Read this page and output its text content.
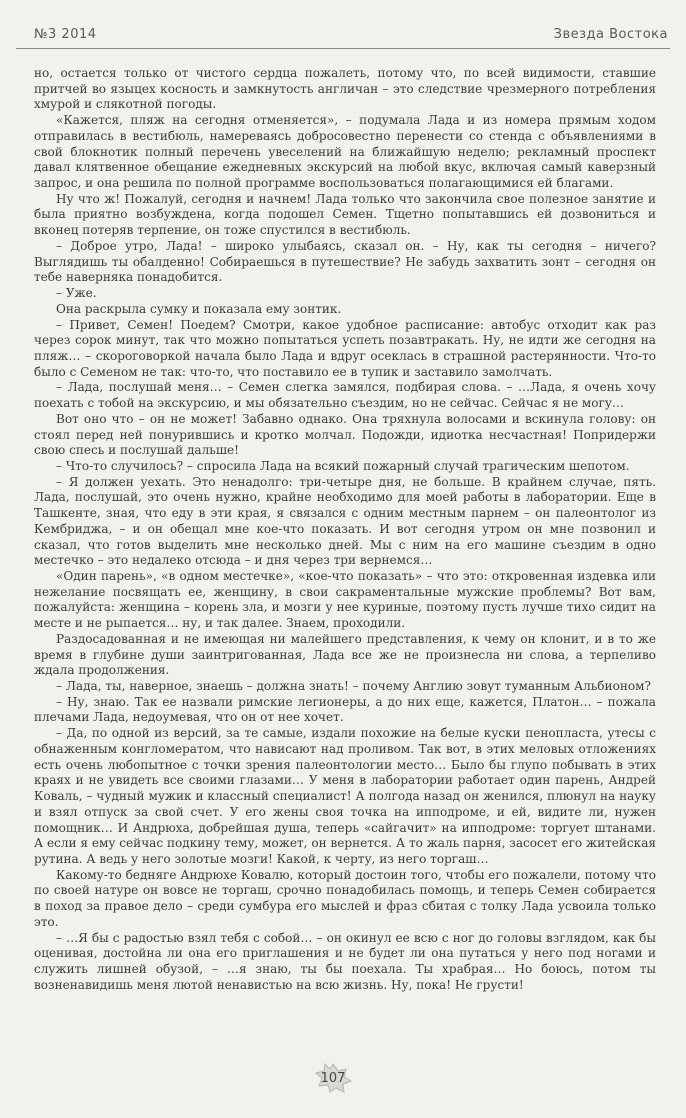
№3 2014	Звезда Востока

но, остается только от чистого сердца пожалеть, потому что, по всей видимости, ставшие притчей во языцех косность и замкнутость англичан – это следствие чрезмерного потребления хмурой и слякотной погоды.

«Кажется, пляж на сегодня отменяется», – подумала Лада и из номера прямым ходом отправилась в вестибюль, намереваясь добросовестно перенести со стенда с объявлениями в свой блокнотик полный перечень увеселений на ближайшую неделю; рекламный проспект давал клятвенное обещание ежедневных экскурсий на любой вкус, включая самый каверзный запрос, и она решила по полной программе воспользоваться полагающимися ей благами.

Ну что ж! Пожалуй, сегодня и начнем! Лада только что закончила свое полезное занятие и была приятно возбуждена, когда подошел Семен. Тщетно попытавшись ей дозвониться и вконец потеряв терпение, он тоже спустился в вестибюль.

– Доброе утро, Лада! – широко улыбаясь, сказал он. – Ну, как ты сегодня – ничего? Выглядишь ты обалденно! Собираешься в путешествие? Не забудь захватить зонт – сегодня он тебе наверняка понадобится.

– Уже.

Она раскрыла сумку и показала ему зонтик.

– Привет, Семен! Поедем? Смотри, какое удобное расписание: автобус отходит как раз через сорок минут, так что можно попытаться успеть позавтракать. Ну, не идти же сегодня на пляж… – скороговоркой начала было Лада и вдруг осеклась в страшной растерянности. Что-то было с Семеном не так: что-то, что поставило ее в тупик и заставило замолчать.

– Лада, послушай меня… – Семен слегка замялся, подбирая слова. – …Лада, я очень хочу поехать с тобой на экскурсию, и мы обязательно съездим, но не сейчас. Сейчас я не могу…

Вот оно что – он не может! Забавно однако. Она тряхнула волосами и вскинула голову: он стоял перед ней понурившись и кротко молчал. Подожди, идиотка несчастная! Попридержи свою спесь и послушай дальше!

– Что-то случилось? – спросила Лада на всякий пожарный случай трагическим шепотом.

– Я должен уехать. Это ненадолго: три-четыре дня, не больше. В крайнем случае, пять. Лада, послушай, это очень нужно, крайне необходимо для моей работы в лаборатории. Еще в Ташкенте, зная, что еду в эти края, я связался с одним местным парнем – он палеонтолог из Кембриджа, – и он обещал мне кое-что показать. И вот сегодня утром он мне позвонил и сказал, что готов выделить мне несколько дней. Мы с ним на его машине съездим в одно местечко – это недалеко отсюда – и дня через три вернемся…

«Один парень», «в одном местечке», «кое-что показать» – что это: откровенная издевка или нежелание посвящать ее, женщину, в свои сакраментальные мужские проблемы? Вот вам, пожалуйста: женщина – корень зла, и мозги у нее куриные, поэтому пусть лучше тихо сидит на месте и не рыпается… ну, и так далее. Знаем, проходили.

Раздосадованная и не имеющая ни малейшего представления, к чему он клонит, и в то же время в глубине души заинтригованная, Лада все же не произнесла ни слова, а терпеливо ждала продолжения.

– Лада, ты, наверное, знаешь – должна знать! – почему Англию зовут туманным Альбионом?

– Ну, знаю. Так ее назвали римские легионеры, а до них еще, кажется, Платон… – пожала плечами Лада, недоумевая, что он от нее хочет.

– Да, по одной из версий, за те самые, издали похожие на белые куски пенопласта, утесы с обнаженным конгломератом, что нависают над проливом. Так вот, в этих меловых отложениях есть очень любопытное с точки зрения палеонтологии место… Было бы глупо побывать в этих краях и не увидеть все своими глазами… У меня в лаборатории работает один парень, Андрей Коваль, – чудный мужик и классный специалист! А полгода назад он женился, плюнул на науку и взял отпуск за свой счет. У его жены своя точка на ипподроме, и ей, видите ли, нужен помощник… И Андрюха, добрейшая душа, теперь «сайгачит» на ипподроме: торгует штанами. А если я ему сейчас подкину тему, может, он вернется. А то жаль парня, засосет его житейская рутина. А ведь у него золотые мозги! Какой, к черту, из него торгаш…

Какому-то бедняге Андрюхе Ковалю, который достоин того, чтобы его пожалели, потому что по своей натуре он вовсе не торгаш, срочно понадобилась помощь, и теперь Семен собирается в поход за правое дело – среди сумбура его мыслей и фраз сбитая с толку Лада усвоила только это.

– …Я бы с радостью взял тебя с собой… – он окинул ее всю с ног до головы взглядом, как бы оценивая, достойна ли она его приглашения и не будет ли она путаться у него под ногами и служить лишней обузой, – …я знаю, ты бы поехала. Ты храбрая… Но боюсь, потом ты возненавидишь меня лютой ненавистью на всю жизнь. Ну, пока! Не грусти!

107
